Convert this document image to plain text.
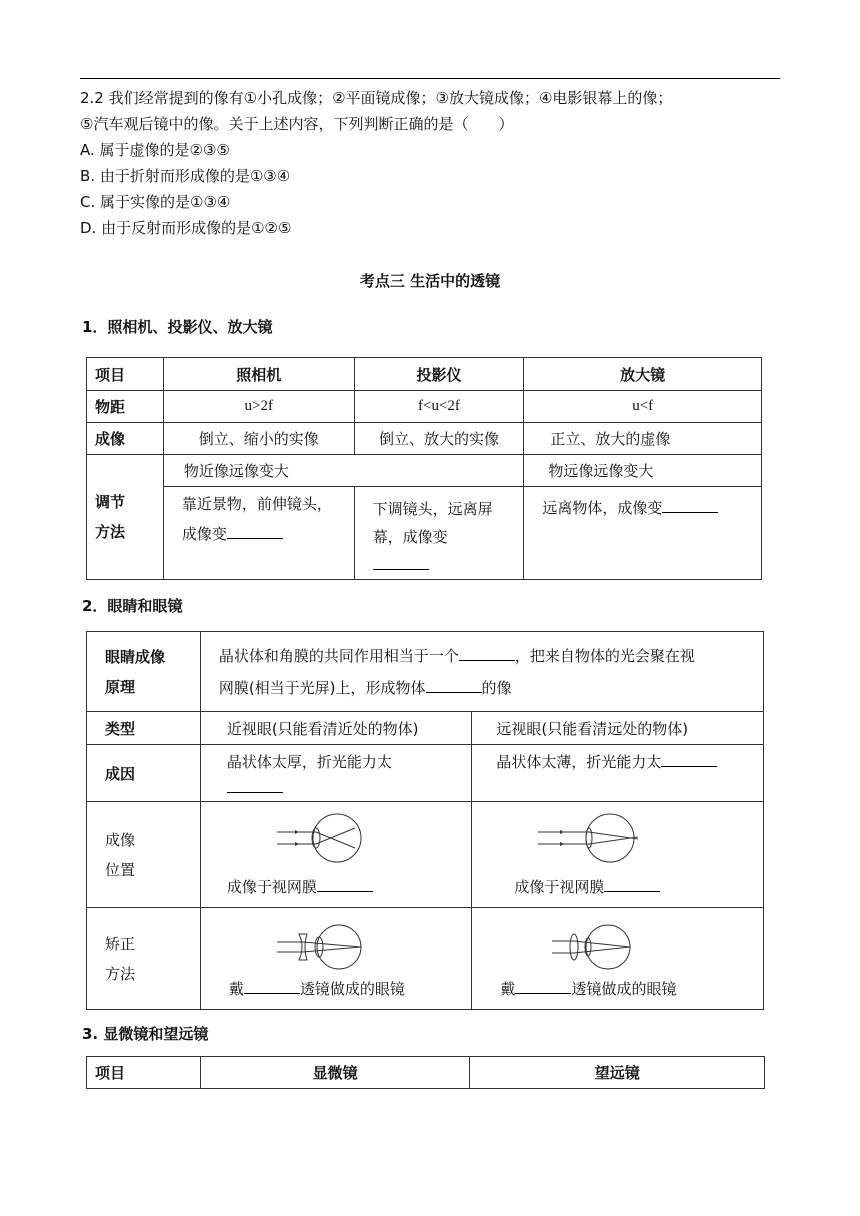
2.2 我们经常提到的像有①小孔成像；②平面镜成像；③放大镜成像；④电影银幕上的像；
⑤汽车观后镜中的像。关于上述内容，下列判断正确的是（　　）
A. 属于虚像的是②③⑤
B. 由于折射而形成像的是①③④
C. 属于实像的是①③④
D. 由于反射而形成像的是①②⑤
考点三 生活中的透镜
1．照相机、投影仪、放大镜
项目	照相机	投影仪	放大镜
物距	u>2f	f<u<2f	u<f
成像	倒立、缩小的实像	倒立、放大的实像	正立、放大的虚像
调节
方法	物近像远像变大		物远像远像变大
	靠近景物，前伸镜头，成像变	下调镜头，远离屏幕，成像变	远离物体，成像变
2．眼睛和眼镜
眼睛成像
原理	晶状体和角膜的共同作用相当于一个 ，把来自物体的光会聚在视
网膜(相当于光屏)上，形成物体 的像	
类型	近视眼(只能看清近处的物体)	远视眼(只能看清远处的物体)
成因	晶状体太厚，折光能力太	晶状体太薄，折光能力太
成像
位置	成像于视网膜	成像于视网膜

矫正
方法	戴 透镜做成的眼镜	戴 透镜做成的眼镜
3. 显微镜和望远镜
项目	显微镜	望远镜
